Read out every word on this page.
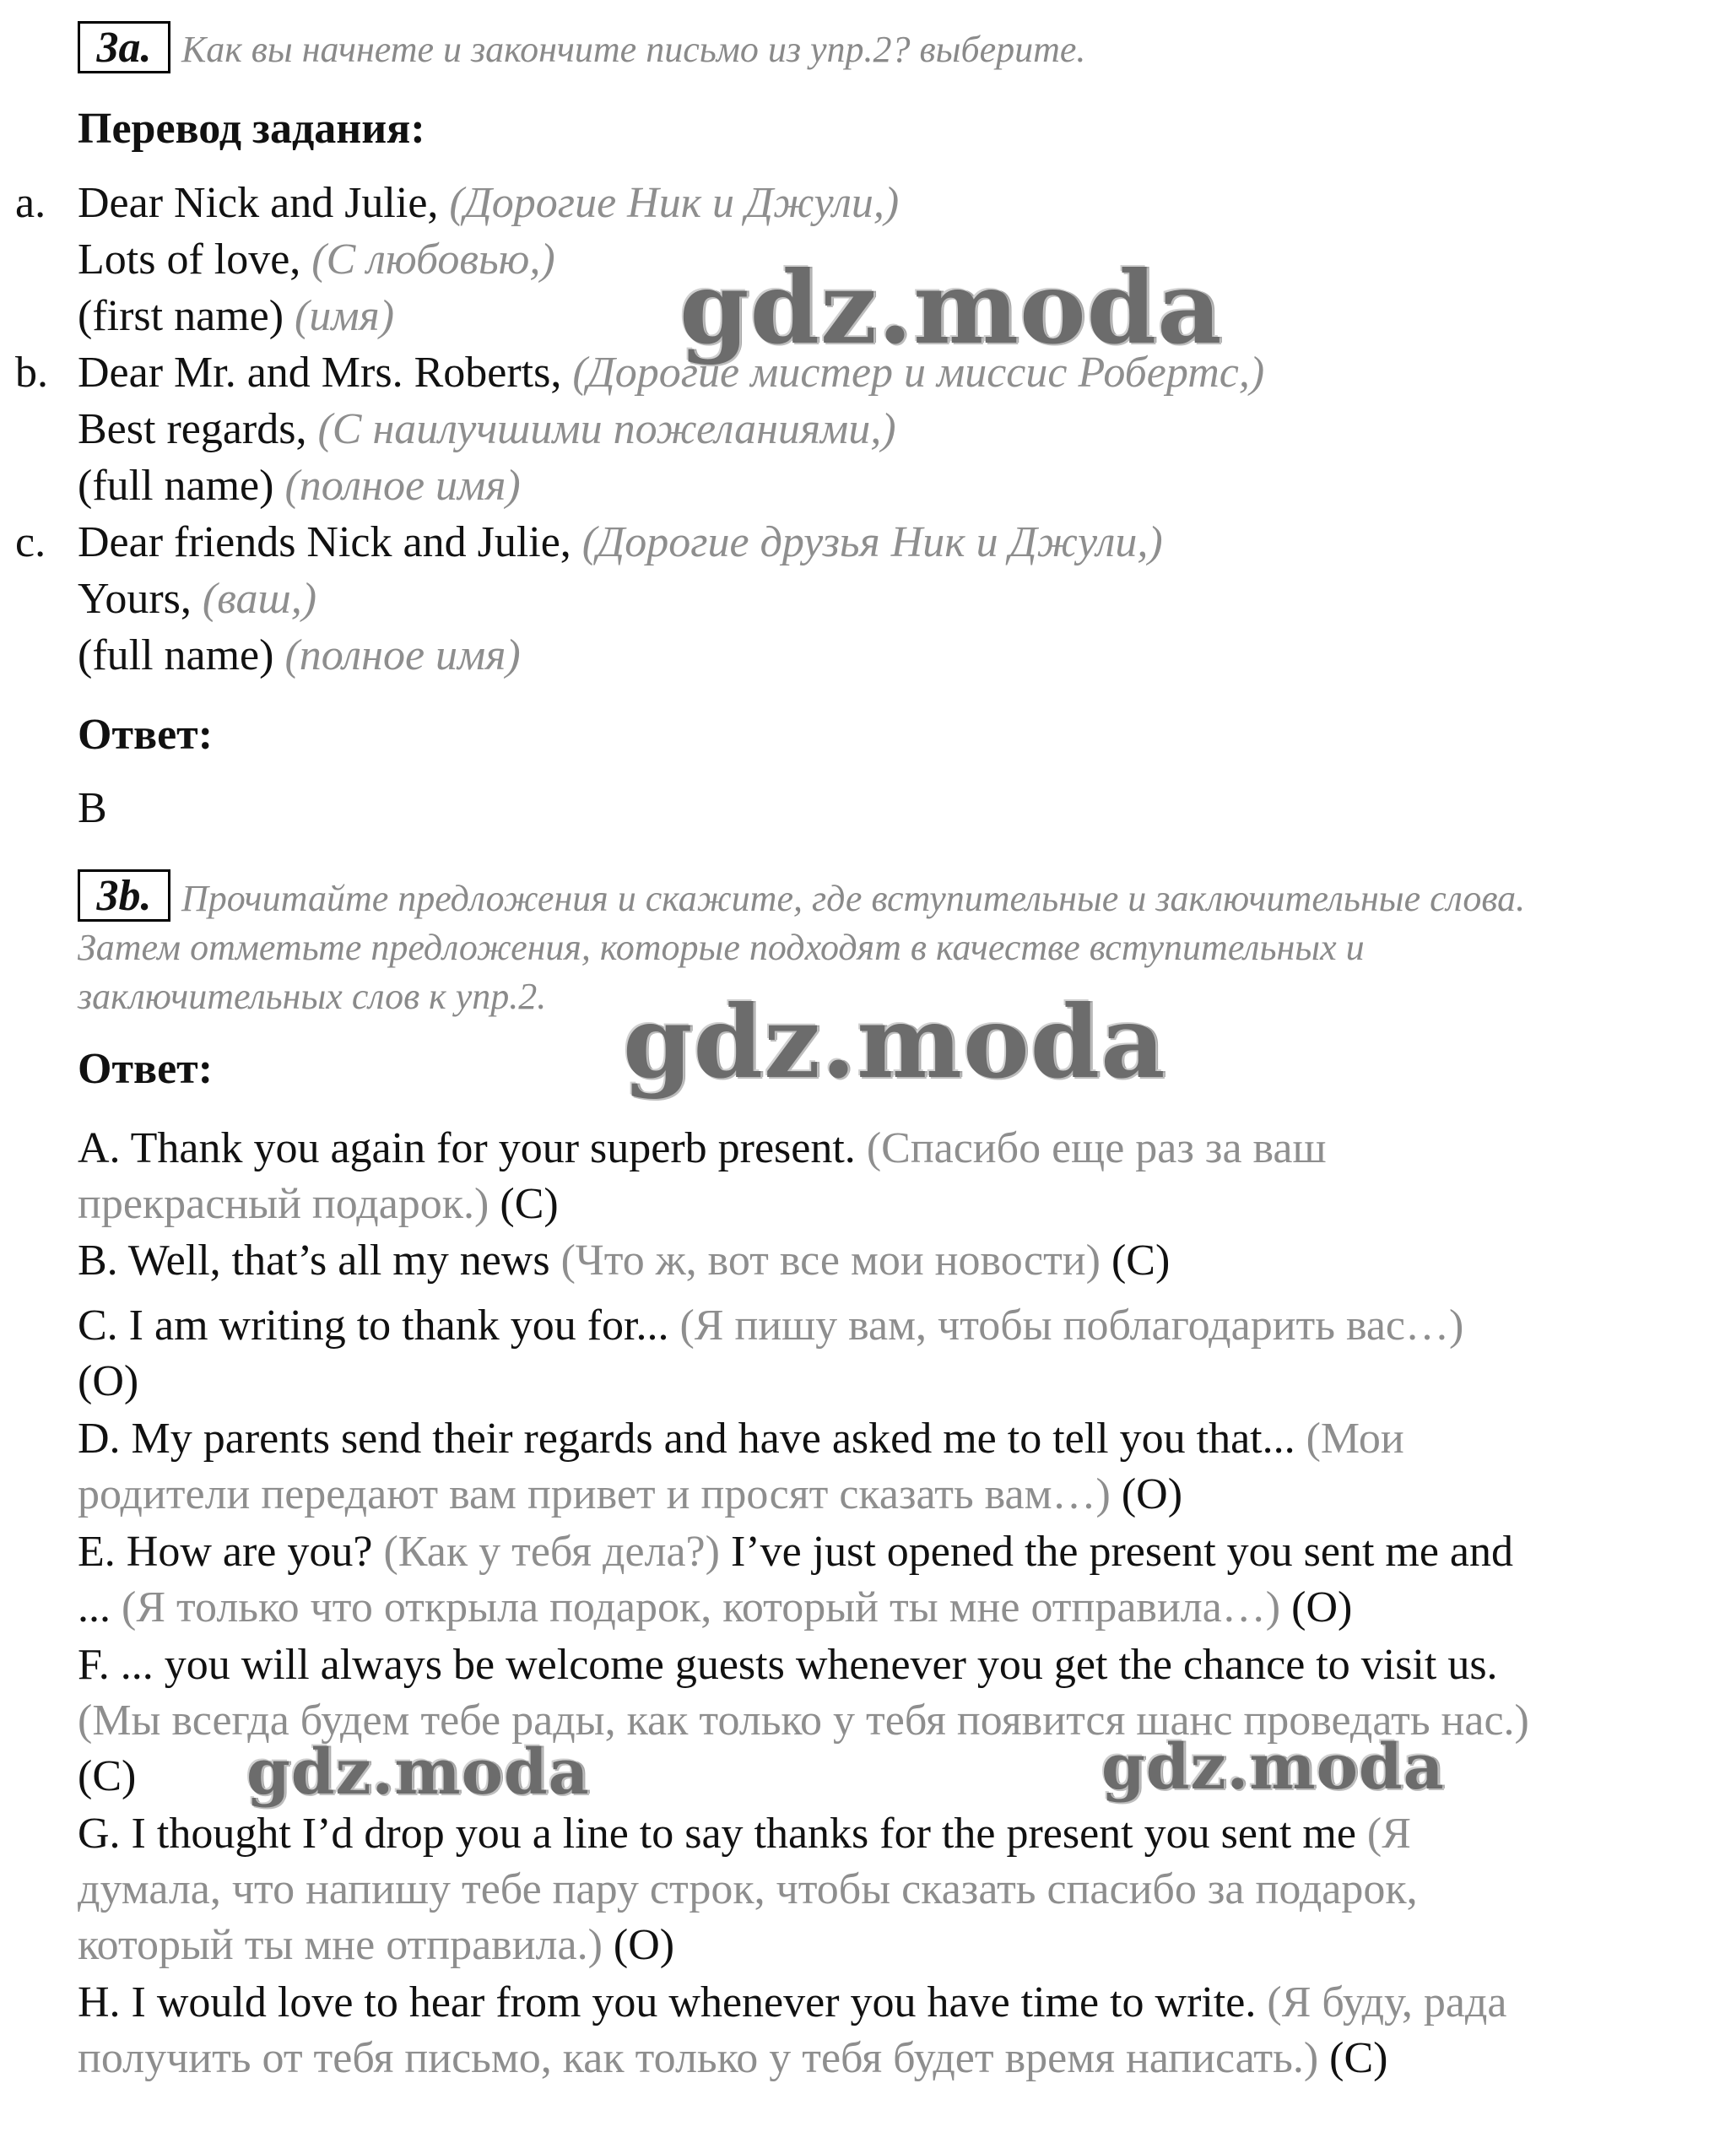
3a. Как вы начнете и закончите письмо из упр.2? выберите.
Перевод задания:
a. Dear Nick and Julie, (Дорогие Ник и Джули,)
Lots of love, (С любовью,)
(first name) (имя)
b. Dear Mr. and Mrs. Roberts, (Дорогие мистер и миссис Робертс,)
Best regards, (С наилучшими пожеланиями,)
(full name) (полное имя)
c. Dear friends Nick and Julie, (Дорогие друзья Ник и Джули,)
Yours, (ваш,)
(full name) (полное имя)
Ответ:
B
3b. Прочитайте предложения и скажите, где вступительные и заключительные слова.
Затем отметьте предложения, которые подходят в качестве вступительных и
заключительных слов к упр.2.
Ответ:
A. Thank you again for your superb present. (Спасибо еще раз за ваш
прекрасный подарок.) (C)
B. Well, that’s all my news (Что ж, вот все мои новости) (C)
C. I am writing to thank you for... (Я пишу вам, чтобы поблагодарить вас…)
(O)
D. My parents send their regards and have asked me to tell you that... (Мои
родители передают вам привет и просят сказать вам…) (O)
E. How are you? (Как у тебя дела?) I’ve just opened the present you sent me and
... (Я только что открыла подарок, который ты мне отправила…) (O)
F. ... you will always be welcome guests whenever you get the chance to visit us.
(Мы всегда будем тебе рады, как только у тебя появится шанс проведать нас.)
(C)
G. I thought I’d drop you a line to say thanks for the present you sent me (Я
думала, что напишу тебе пару строк, чтобы сказать спасибо за подарок,
который ты мне отправила.) (O)
H. I would love to hear from you whenever you have time to write. (Я буду, рада
получить от тебя письмо, как только у тебя будет время написать.) (C)
gdz.moda
gdz.moda
gdz.moda	gdz.moda
